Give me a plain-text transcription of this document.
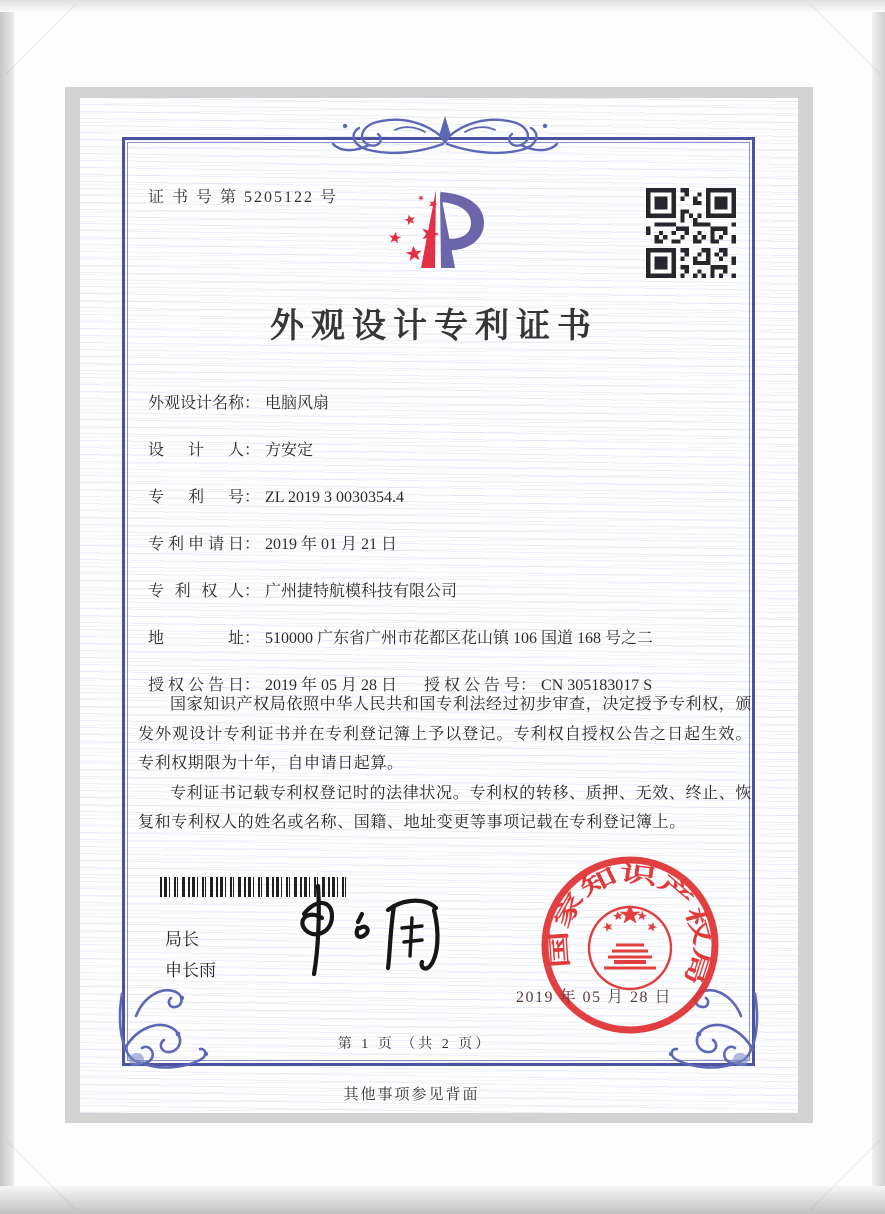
证 书 号 第 5205122 号
外观设计专利证书
外观设计名称： 电脑风扇
设 计 人： 方安定
专 利 号： ZL 2019 3 0030354.4
专利申请日： 2019 年 01 月 21 日
专 利 权 人： 广州捷特航模科技有限公司
地 址： 510000 广东省广州市花都区花山镇 106 国道 168 号之二
授权公告日： 2019 年 05 月 28 日 授权公告号： CN 305183017 S

国家知识产权局依照中华人民共和国专利法经过初步审查，决定授予专利权，颁发外观设计专利证书并在专利登记簿上予以登记。专利权自授权公告之日起生效。专利权期限为十年，自申请日起算。

专利证书记载专利权登记时的法律状况。专利权的转移、质押、无效、终止、恢复和专利权人的姓名或名称、国籍、地址变更等事项记载在专利登记簿上。

局长
申长雨
国家知识产权局
2019 年 05 月 28 日
第 1 页 （共 2 页）
其他事项参见背面
